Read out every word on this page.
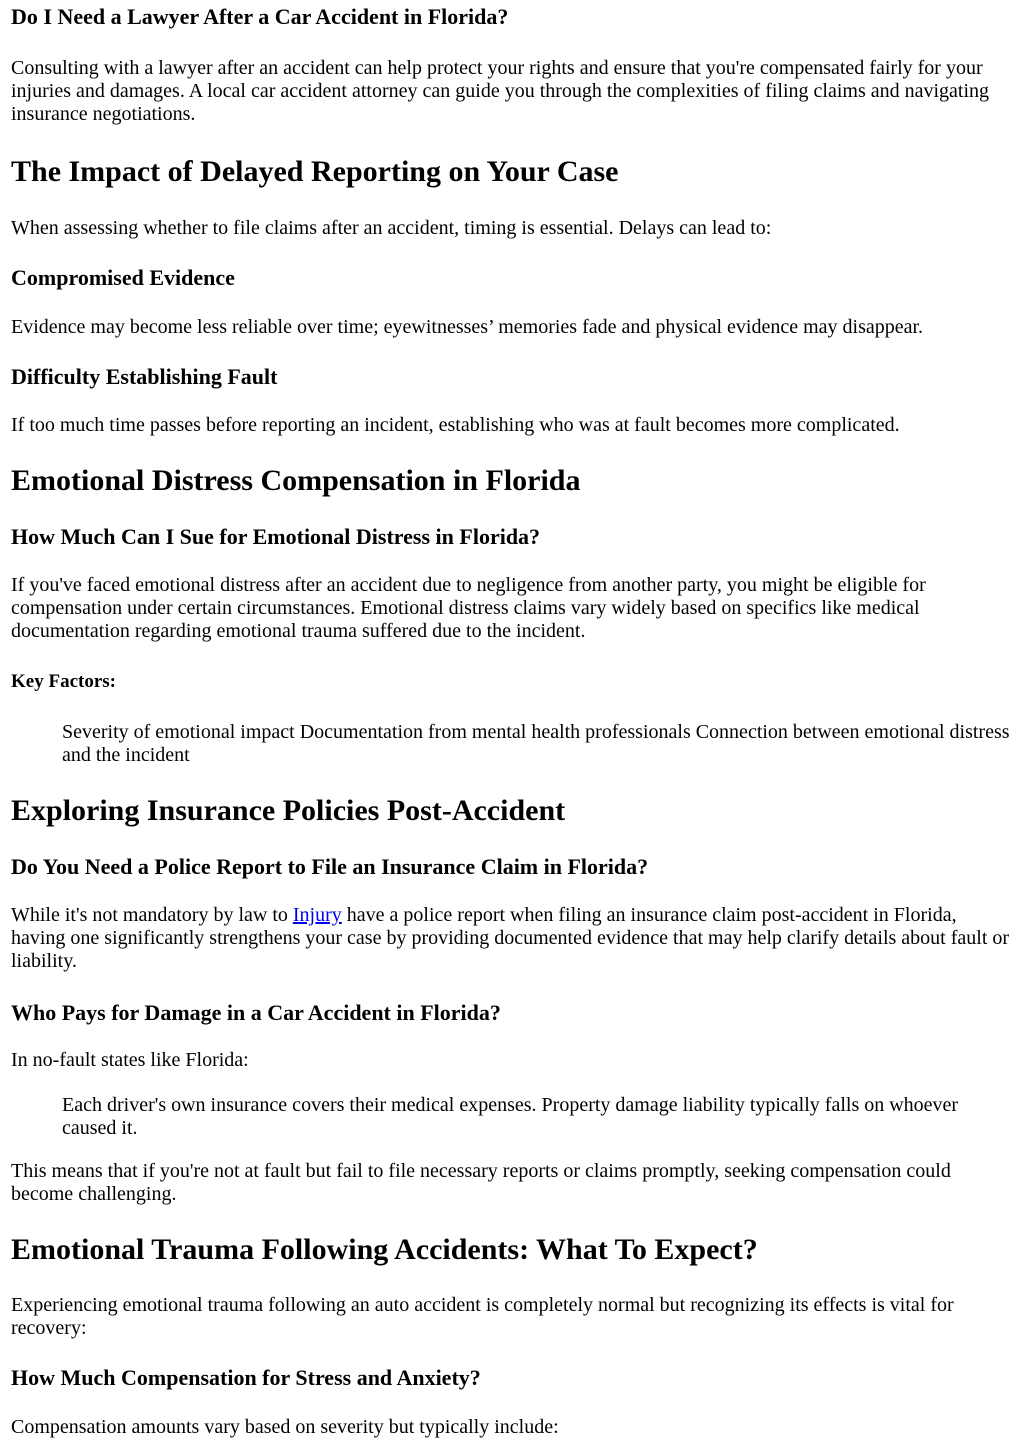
Do I Need a Lawyer After a Car Accident in Florida?

Consulting with a lawyer after an accident can help protect your rights and ensure that you're compensated fairly for your injuries and damages. A local car accident attorney can guide you through the complexities of filing claims and navigating insurance negotiations.

The Impact of Delayed Reporting on Your Case

When assessing whether to file claims after an accident, timing is essential. Delays can lead to:

Compromised Evidence

Evidence may become less reliable over time; eyewitnesses’ memories fade and physical evidence may disappear.

Difficulty Establishing Fault

If too much time passes before reporting an incident, establishing who was at fault becomes more complicated.

Emotional Distress Compensation in Florida
How Much Can I Sue for Emotional Distress in Florida?

If you've faced emotional distress after an accident due to negligence from another party, you might be eligible for compensation under certain circumstances. Emotional distress claims vary widely based on specifics like medical documentation regarding emotional trauma suffered due to the incident.

Key Factors:

Severity of emotional impact Documentation from mental health professionals Connection between emotional distress and the incident

Exploring Insurance Policies Post-Accident
Do You Need a Police Report to File an Insurance Claim in Florida?

While it's not mandatory by law to Injury have a police report when filing an insurance claim post-accident in Florida, having one significantly strengthens your case by providing documented evidence that may help clarify details about fault or liability.

Who Pays for Damage in a Car Accident in Florida?

In no-fault states like Florida:

Each driver's own insurance covers their medical expenses. Property damage liability typically falls on whoever caused it.

This means that if you're not at fault but fail to file necessary reports or claims promptly, seeking compensation could become challenging.

Emotional Trauma Following Accidents: What To Expect?

Experiencing emotional trauma following an auto accident is completely normal but recognizing its effects is vital for recovery:

How Much Compensation for Stress and Anxiety?

Compensation amounts vary based on severity but typically include:
